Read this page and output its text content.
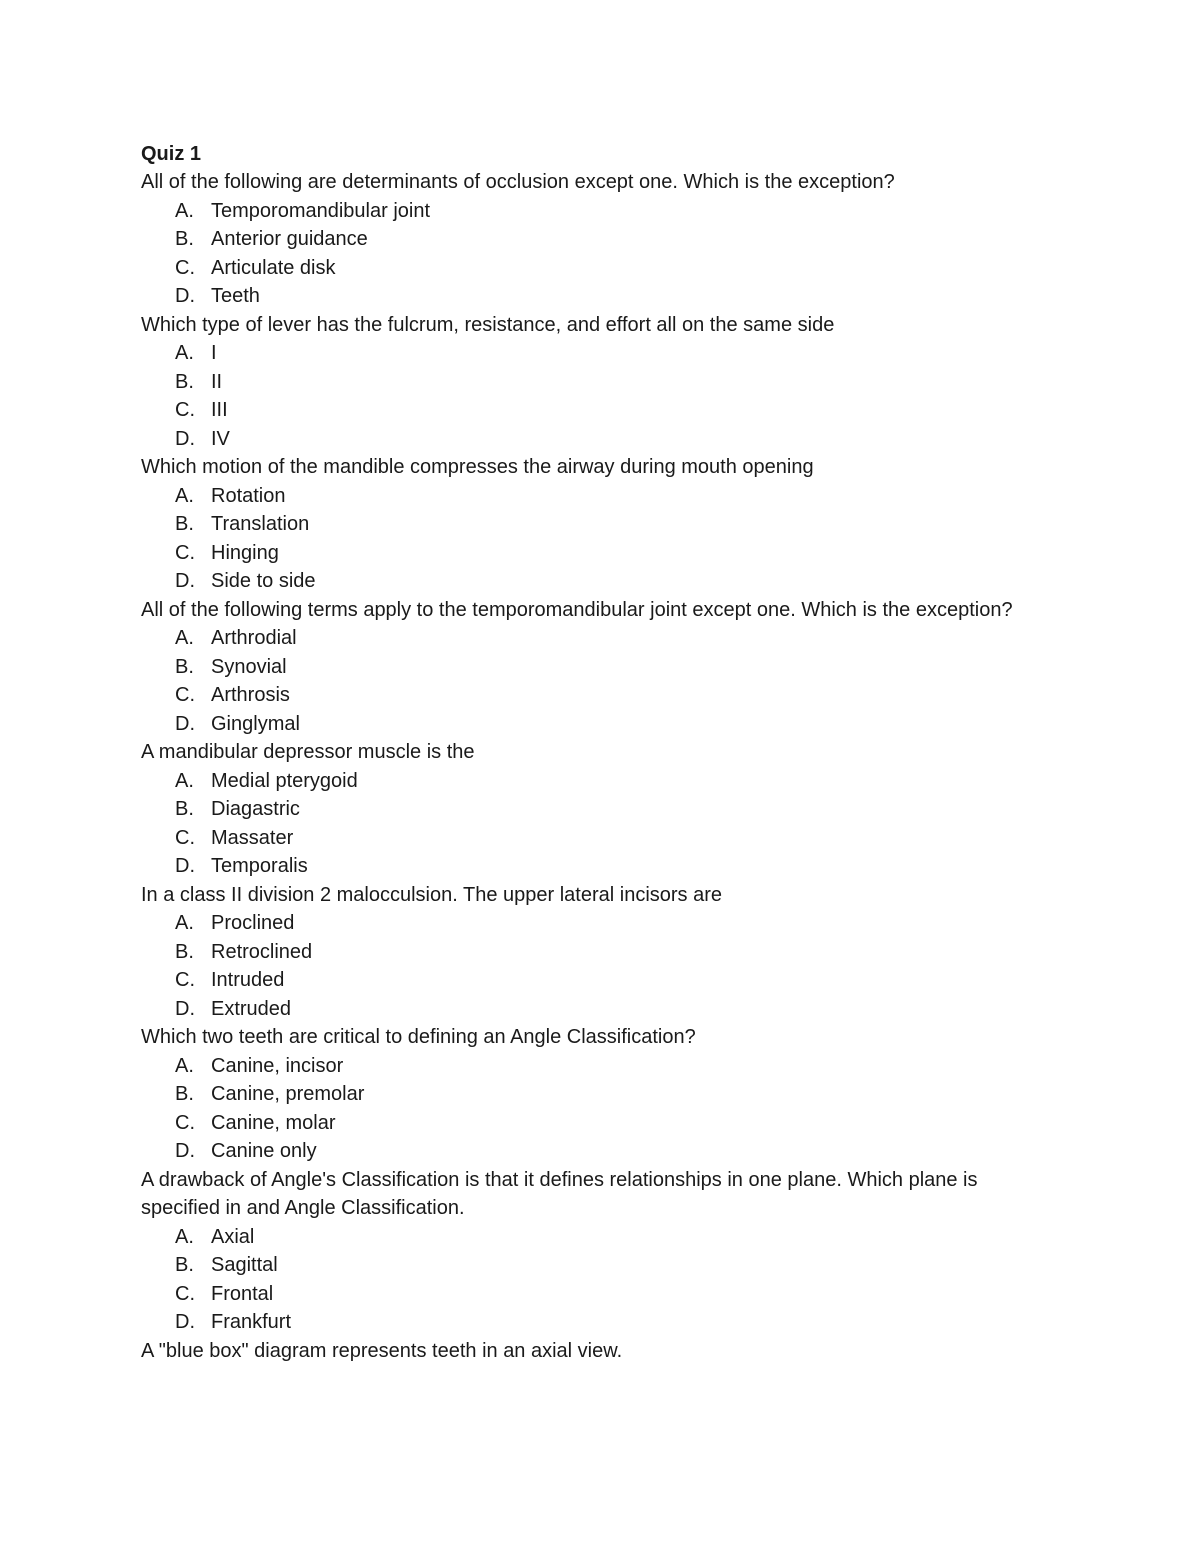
Quiz 1

All of the following are determinants of occlusion except one. Which is the exception?

A. Temporomandibular joint
B. Anterior guidance
C. Articulate disk
D. Teeth

Which type of lever has the fulcrum, resistance, and effort all on the same side

A. I
B. II
C. III
D. IV

Which motion of the mandible compresses the airway during mouth opening

A. Rotation
B. Translation
C. Hinging
D. Side to side

All of the following terms apply to the temporomandibular joint except one. Which is the exception?

A. Arthrodial
B. Synovial
C. Arthrosis
D. Ginglymal

A mandibular depressor muscle is the

A. Medial pterygoid
B. Diagastric
C. Massater
D. Temporalis

In a class II division 2 malocculsion. The upper lateral incisors are

A. Proclined
B. Retroclined
C. Intruded
D. Extruded

Which two teeth are critical to defining an Angle Classification?

A. Canine, incisor
B. Canine, premolar
C. Canine, molar
D. Canine only

A drawback of Angle's Classification is that it defines relationships in one plane. Which plane is specified in and Angle Classification.

A. Axial
B. Sagittal
C. Frontal
D. Frankfurt

A "blue box" diagram represents teeth in an axial view.
